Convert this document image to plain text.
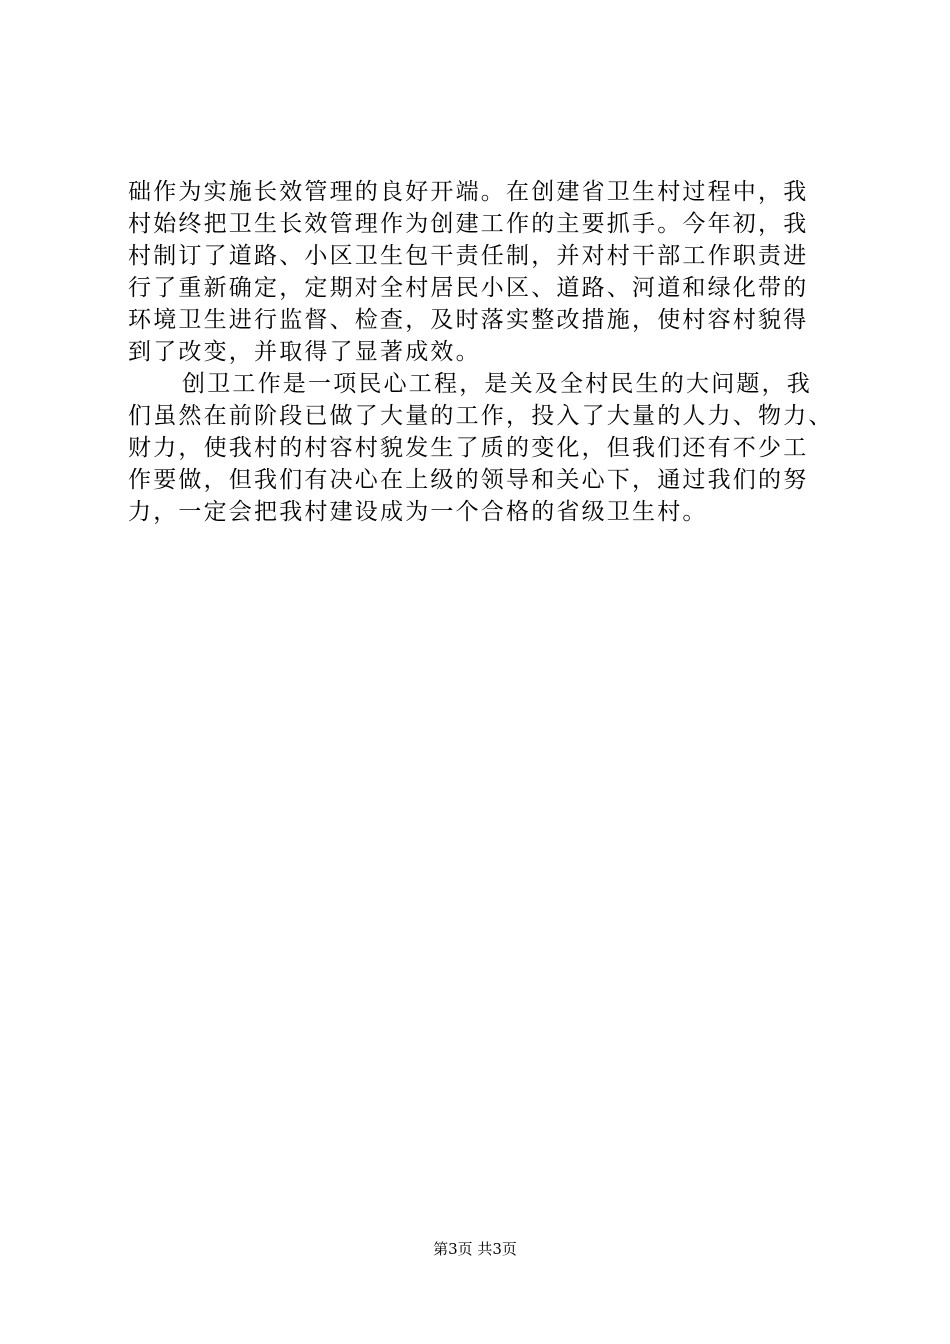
础作为实施长效管理的良好开端。在创建省卫生村过程中，我
村始终把卫生长效管理作为创建工作的主要抓手。今年初，我
村制订了道路、小区卫生包干责任制，并对村干部工作职责进
行了重新确定，定期对全村居民小区、道路、河道和绿化带的
环境卫生进行监督、检查，及时落实整改措施，使村容村貌得
到了改变，并取得了显著成效。
创卫工作是一项民心工程，是关及全村民生的大问题，我
们虽然在前阶段已做了大量的工作，投入了大量的人力、物力、
财力，使我村的村容村貌发生了质的变化，但我们还有不少工
作要做，但我们有决心在上级的领导和关心下，通过我们的努
力，一定会把我村建设成为一个合格的省级卫生村。
第3页 共3页
